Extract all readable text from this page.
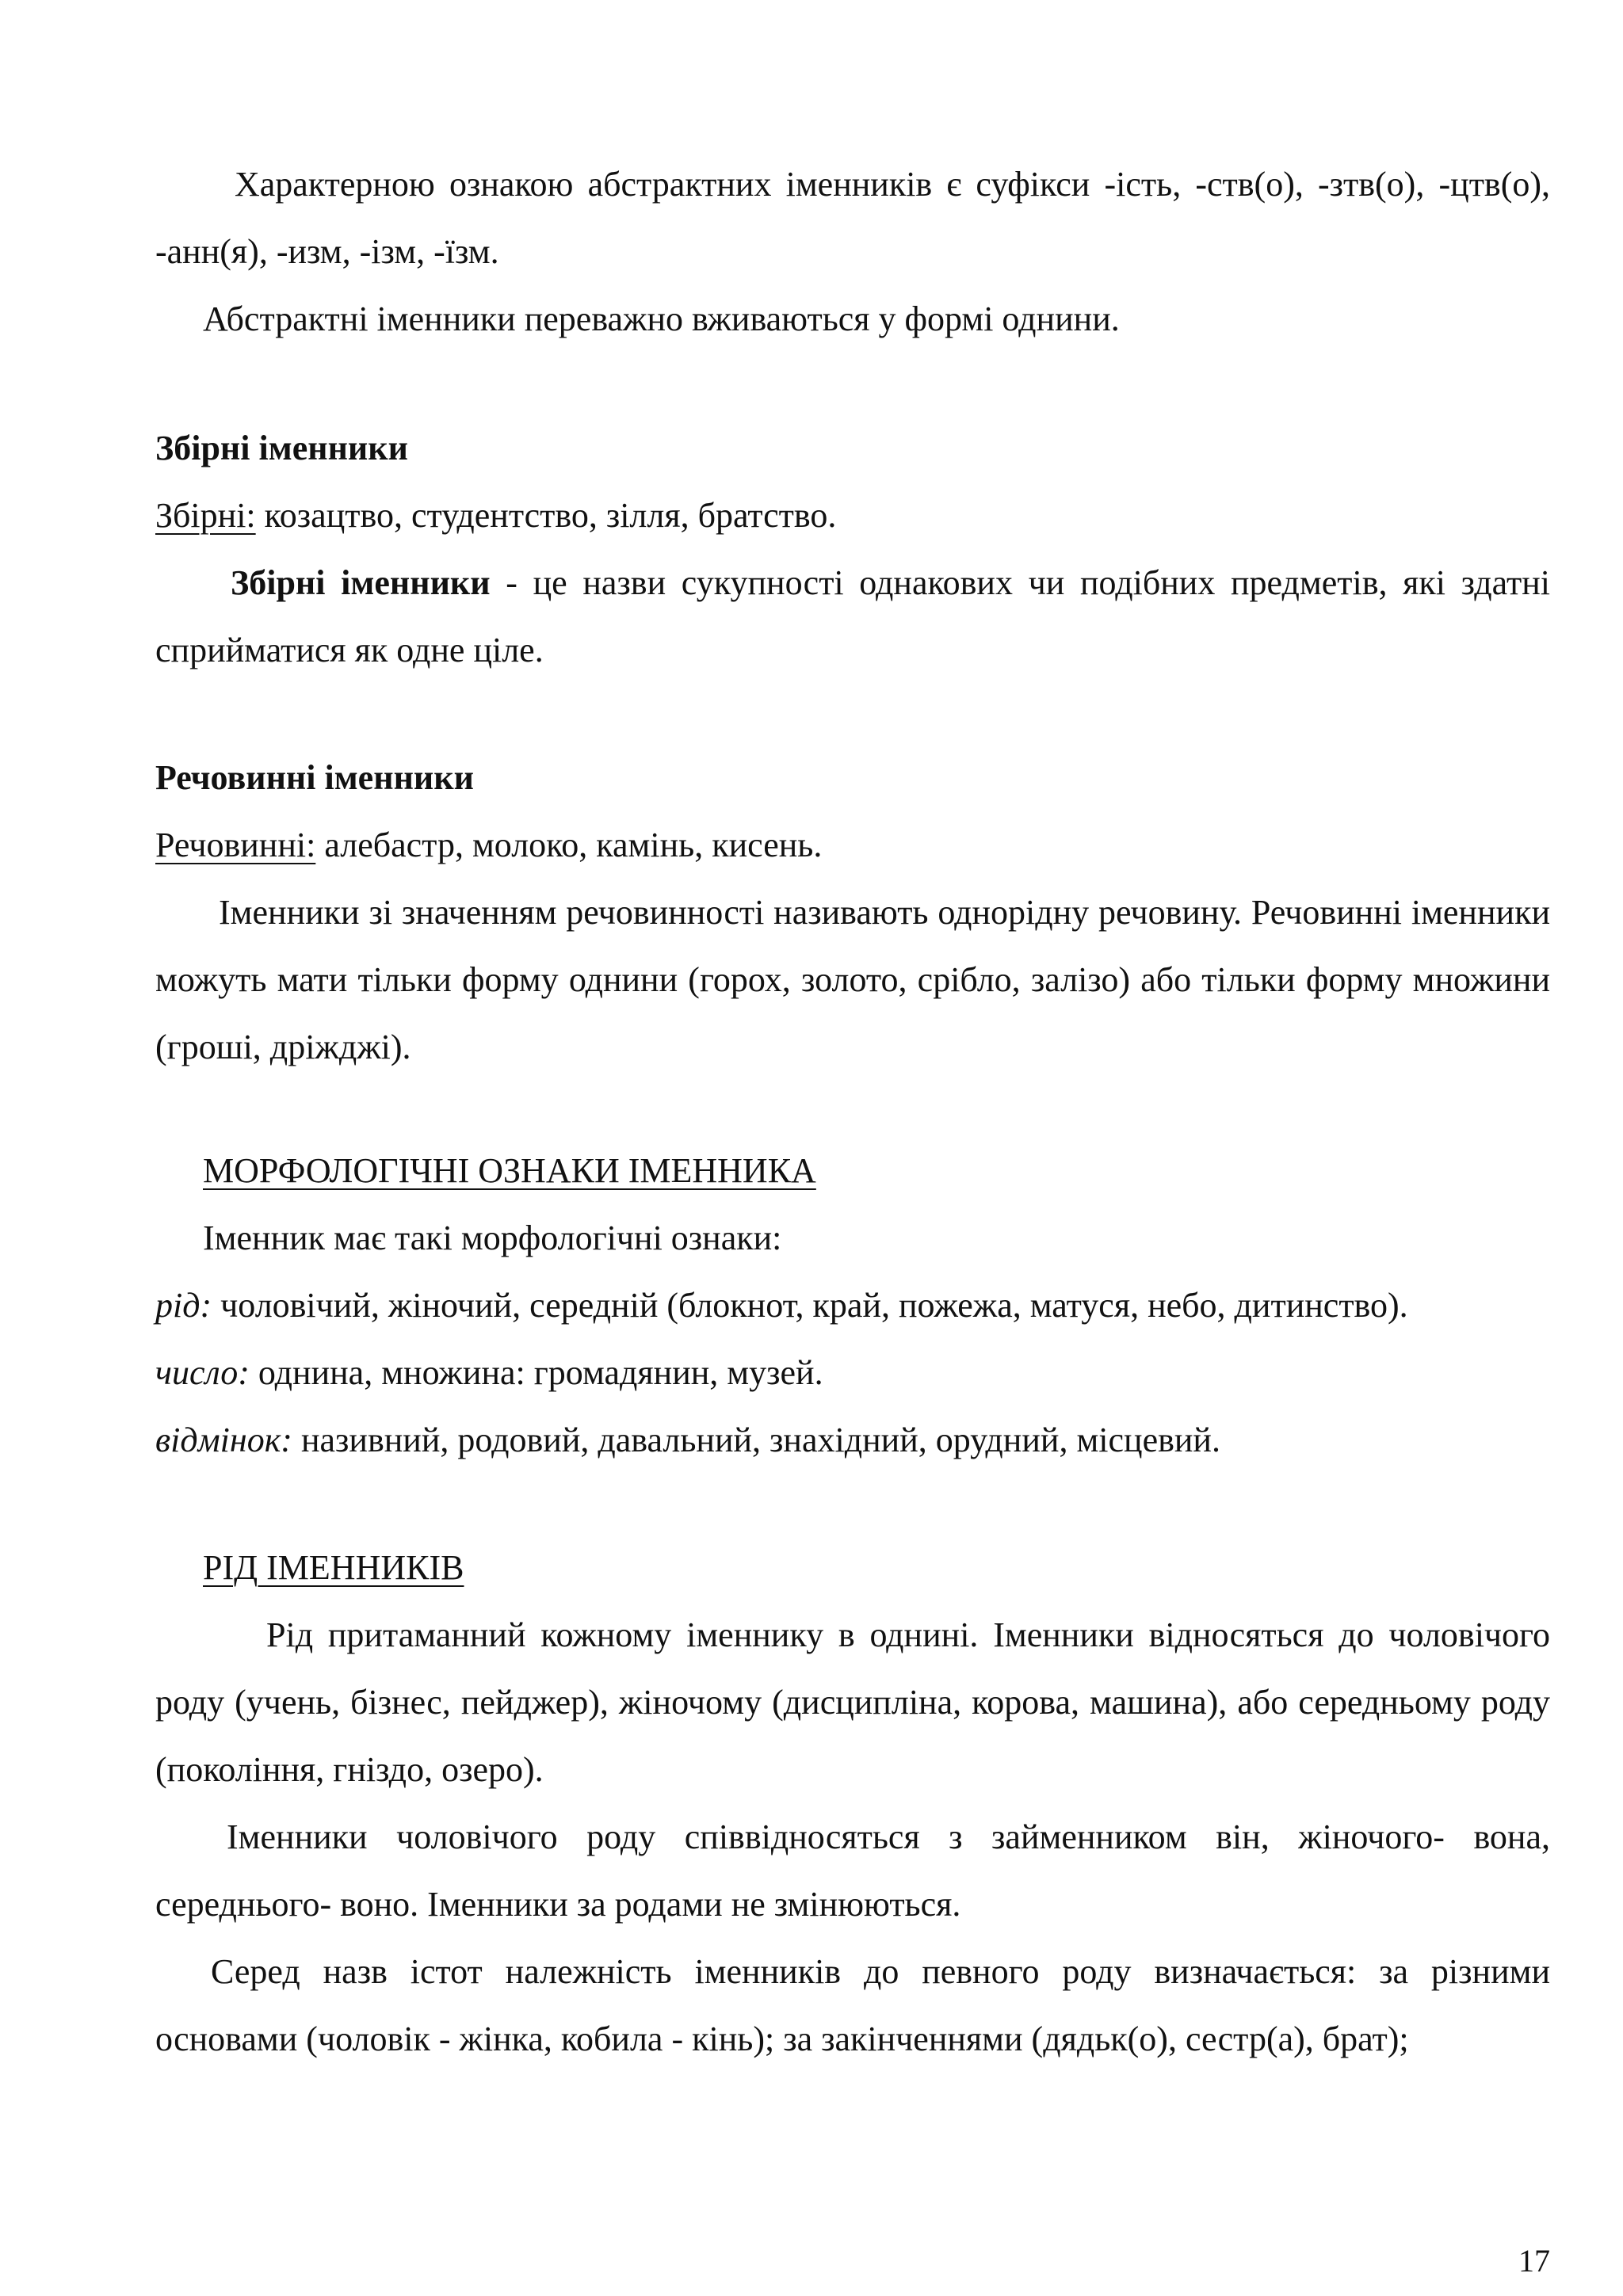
Характерною ознакою абстрактних іменників є суфікси -ість, -ств(о), -зтв(о), -цтв(о), -анн(я), -изм, -ізм, -їзм.

Абстрактні іменники переважно вживаються у формі однини.

Збірні іменники

Збірні: козацтво, студентство, зілля, братство.

Збірні іменники - це назви сукупності однакових чи подібних предметів, які здатні сприйматися як одне ціле.

Речовинні іменники

Речовинні: алебастр, молоко, камінь, кисень.

Іменники зі значенням речовинності називають однорідну речовину. Речовинні іменники можуть мати тільки форму однини (горох, золото, срібло, залізо) або тільки форму множини (гроші, дріжджі).

МОРФОЛОГІЧНІ ОЗНАКИ ІМЕННИКА

Іменник має такі морфологічні ознаки:

рід: чоловічий, жіночий, середній (блокнот, край, пожежа, матуся, небо, дитинство).

число: однина, множина: громадянин, музей.

відмінок: називний, родовий, давальний, знахідний, орудний, місцевий.

РІД ІМЕННИКІВ

Рід притаманний кожному іменнику в однині. Іменники відносяться до чоловічого роду (учень, бізнес, пейджер), жіночому (дисципліна, корова, машина), або середньому роду (покоління, гніздо, озеро).

Іменники чоловічого роду співвідносяться з займенником він, жіночого- вона, середнього- воно. Іменники за родами не змінюються.

Серед назв істот належність іменників до певного роду визначається: за різними основами (чоловік - жінка, кобила - кінь); за закінченнями (дядьк(о), сестр(а), брат);

17
